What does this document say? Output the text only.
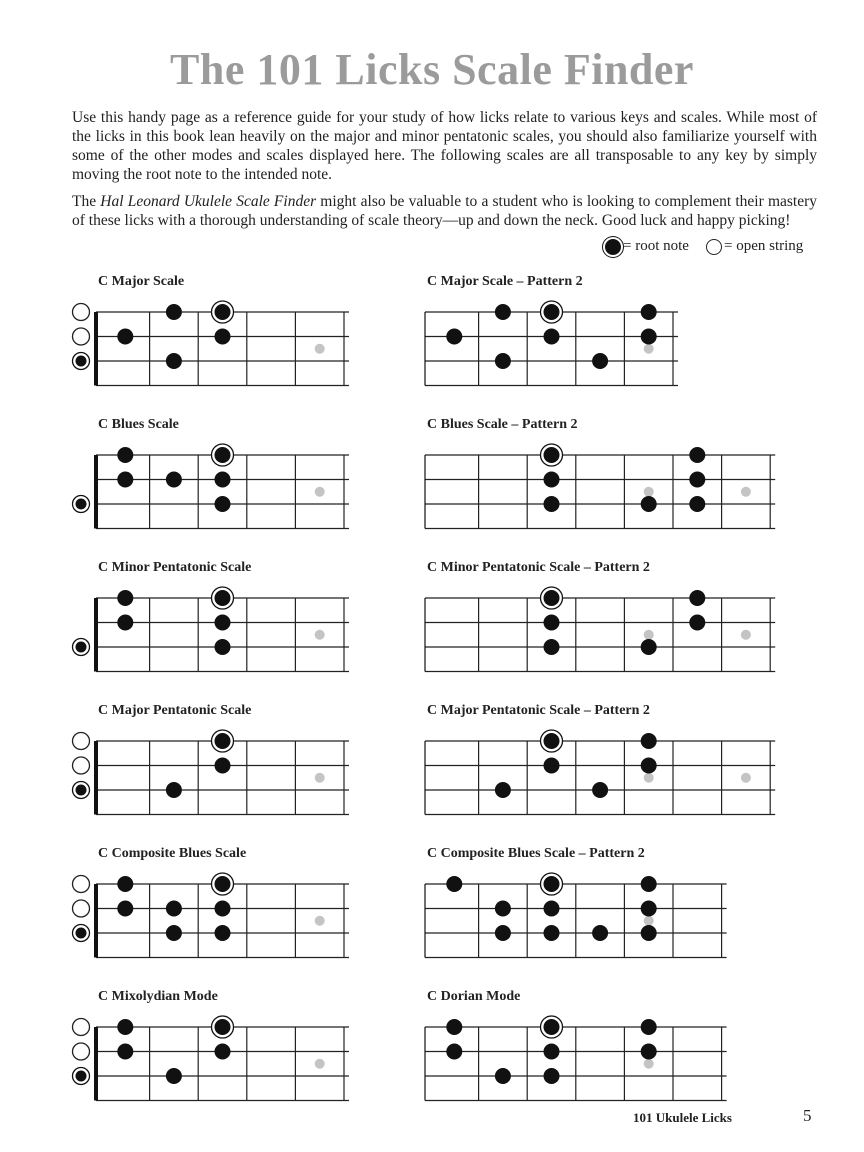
The 101 Licks Scale Finder

Use this handy page as a reference guide for your study of how licks relate to various keys and scales. While most of the licks in this book lean heavily on the major and minor pentatonic scales, you should also familiarize yourself with some of the other modes and scales displayed here. The following scales are all transposable to any key by simply moving the root note to the intended note.

The Hal Leonard Ukulele Scale Finder might also be valuable to a student who is looking to complement their mastery of these licks with a thorough understanding of scale theory—up and down the neck. Good luck and happy picking!

= root note = open string
C Major Scale	C Major Scale – Pattern 2
C Blues Scale	C Blues Scale – Pattern 2
C Minor Pentatonic Scale	C Minor Pentatonic Scale – Pattern 2
C Major Pentatonic Scale	C Major Pentatonic Scale – Pattern 2
C Composite Blues Scale	C Composite Blues Scale – Pattern 2
C Mixolydian Mode	C Dorian Mode
101 Ukulele Licks	5
